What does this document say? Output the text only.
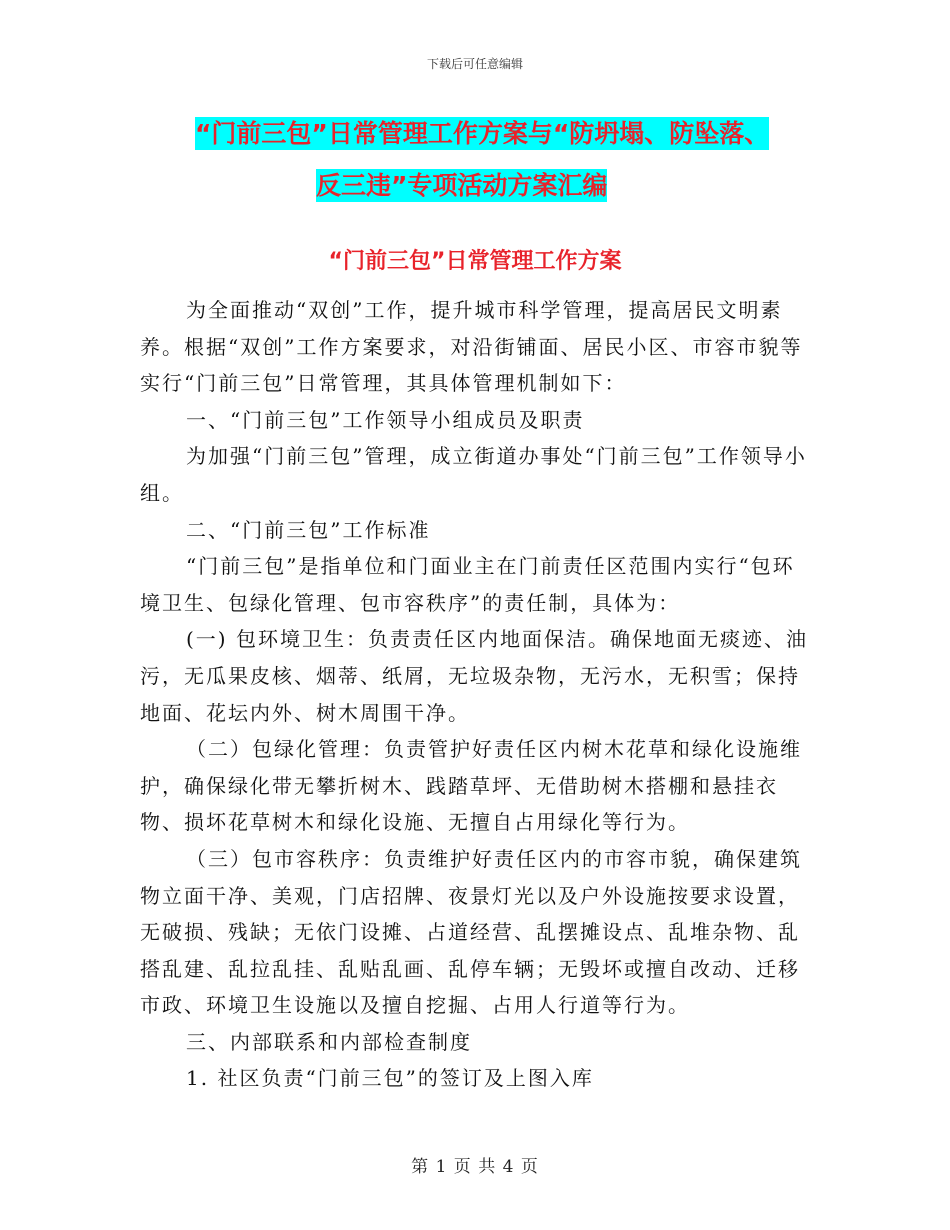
下载后可任意编辑
“门前三包”日常管理工作方案与“防坍塌、防坠落、
反三违”专项活动方案汇编
“门前三包”日常管理工作方案

为全面推动“双创”工作，提升城市科学管理，提高居民文明素养。根据“双创”工作方案要求，对沿街铺面、居民小区、市容市貌等实行“门前三包”日常管理，其具体管理机制如下：

一、“门前三包”工作领导小组成员及职责

为加强“门前三包”管理，成立街道办事处“门前三包”工作领导小组。

二、“门前三包”工作标准

“门前三包”是指单位和门面业主在门前责任区范围内实行“包环境卫生、包绿化管理、包市容秩序”的责任制，具体为：

(一) 包环境卫生：负责责任区内地面保洁。确保地面无痰迹、油污，无瓜果皮核、烟蒂、纸屑，无垃圾杂物，无污水，无积雪；保持地面、花坛内外、树木周围干净。

（二）包绿化管理：负责管护好责任区内树木花草和绿化设施维护，确保绿化带无攀折树木、践踏草坪、无借助树木搭棚和悬挂衣物、损坏花草树木和绿化设施、无擅自占用绿化等行为。

（三）包市容秩序：负责维护好责任区内的市容市貌，确保建筑物立面干净、美观，门店招牌、夜景灯光以及户外设施按要求设置，无破损、残缺；无依门设摊、占道经营、乱摆摊设点、乱堆杂物、乱搭乱建、乱拉乱挂、乱贴乱画、乱停车辆；无毁坏或擅自改动、迁移市政、环境卫生设施以及擅自挖掘、占用人行道等行为。

三、内部联系和内部检查制度

1. 社区负责“门前三包”的签订及上图入库

第 1 页 共 4 页
